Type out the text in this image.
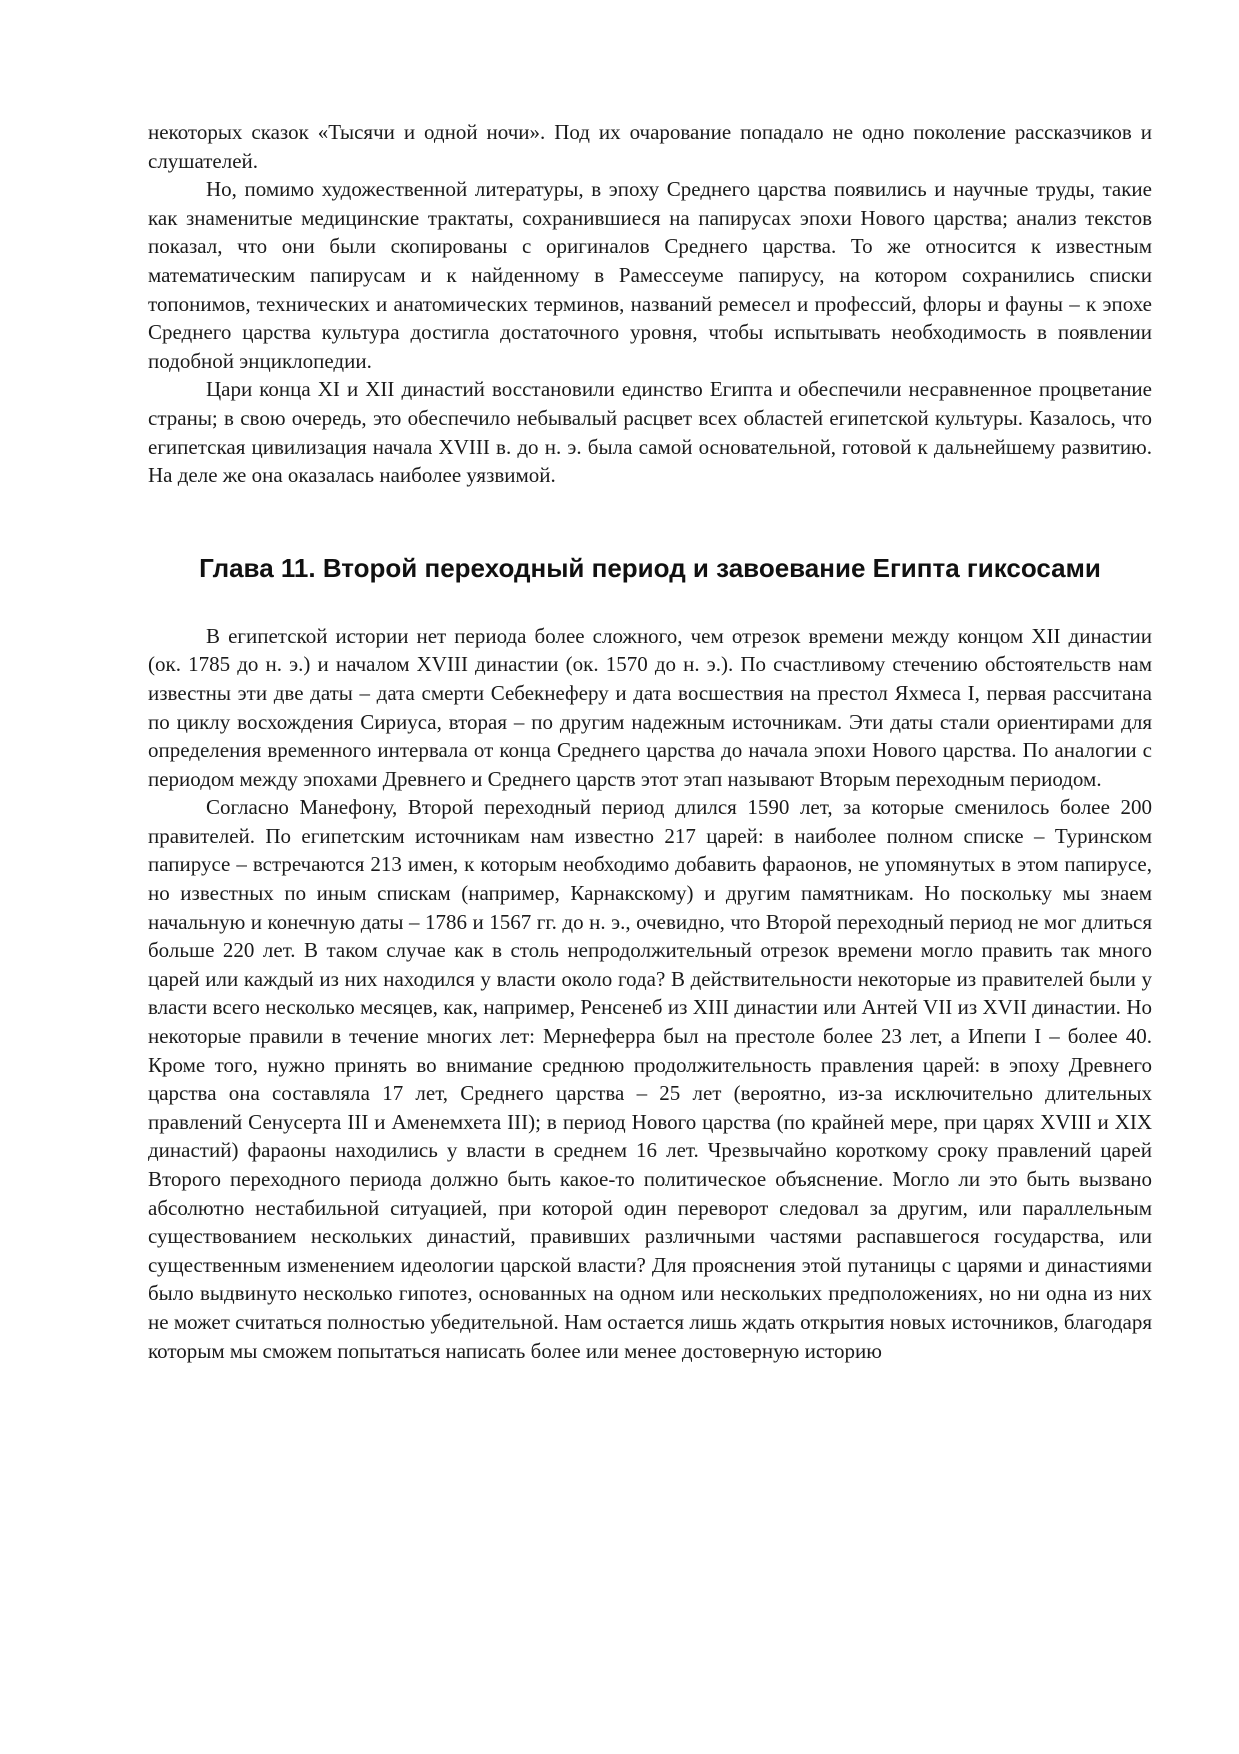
некоторых сказок «Тысячи и одной ночи». Под их очарование попадало не одно поколение рассказчиков и слушателей.

Но, помимо художественной литературы, в эпоху Среднего царства появились и научные труды, такие как знаменитые медицинские трактаты, сохранившиеся на папирусах эпохи Нового царства; анализ текстов показал, что они были скопированы с оригиналов Среднего царства. То же относится к известным математическим папирусам и к найденному в Рамессеуме папирусу, на котором сохранились списки топонимов, технических и анатомических терминов, названий ремесел и профессий, флоры и фауны – к эпохе Среднего царства культура достигла достаточного уровня, чтобы испытывать необходимость в появлении подобной энциклопедии.

Цари конца XI и XII династий восстановили единство Египта и обеспечили несравненное процветание страны; в свою очередь, это обеспечило небывалый расцвет всех областей египетской культуры. Казалось, что египетская цивилизация начала XVIII в. до н. э. была самой основательной, готовой к дальнейшему развитию. На деле же она оказалась наиболее уязвимой.

Глава 11. Второй переходный период и завоевание Египта гиксосами

В египетской истории нет периода более сложного, чем отрезок времени между концом XII династии (ок. 1785 до н. э.) и началом XVIII династии (ок. 1570 до н. э.). По счастливому стечению обстоятельств нам известны эти две даты – дата смерти Себекнеферу и дата восшествия на престол Яхмеса I, первая рассчитана по циклу восхождения Сириуса, вторая – по другим надежным источникам. Эти даты стали ориентирами для определения временного интервала от конца Среднего царства до начала эпохи Нового царства. По аналогии с периодом между эпохами Древнего и Среднего царств этот этап называют Вторым переходным периодом.

Согласно Манефону, Второй переходный период длился 1590 лет, за которые сменилось более 200 правителей. По египетским источникам нам известно 217 царей: в наиболее полном списке – Туринском папирусе – встречаются 213 имен, к которым необходимо добавить фараонов, не упомянутых в этом папирусе, но известных по иным спискам (например, Карнакскому) и другим памятникам. Но поскольку мы знаем начальную и конечную даты – 1786 и 1567 гг. до н. э., очевидно, что Второй переходный период не мог длиться больше 220 лет. В таком случае как в столь непродолжительный отрезок времени могло править так много царей или каждый из них находился у власти около года? В действительности некоторые из правителей были у власти всего несколько месяцев, как, например, Ренсенеб из XIII династии или Антей VII из XVII династии. Но некоторые правили в течение многих лет: Мернеферра был на престоле более 23 лет, а Ипепи I – более 40. Кроме того, нужно принять во внимание среднюю продолжительность правления царей: в эпоху Древнего царства она составляла 17 лет, Среднего царства – 25 лет (вероятно, из-за исключительно длительных правлений Сенусерта III и Аменемхета III); в период Нового царства (по крайней мере, при царях XVIII и XIX династий) фараоны находились у власти в среднем 16 лет. Чрезвычайно короткому сроку правлений царей Второго переходного периода должно быть какое-то политическое объяснение. Могло ли это быть вызвано абсолютно нестабильной ситуацией, при которой один переворот следовал за другим, или параллельным существованием нескольких династий, правивших различными частями распавшегося государства, или существенным изменением идеологии царской власти? Для прояснения этой путаницы с царями и династиями было выдвинуто несколько гипотез, основанных на одном или нескольких предположениях, но ни одна из них не может считаться полностью убедительной. Нам остается лишь ждать открытия новых источников, благодаря которым мы сможем попытаться написать более или менее достоверную историю
